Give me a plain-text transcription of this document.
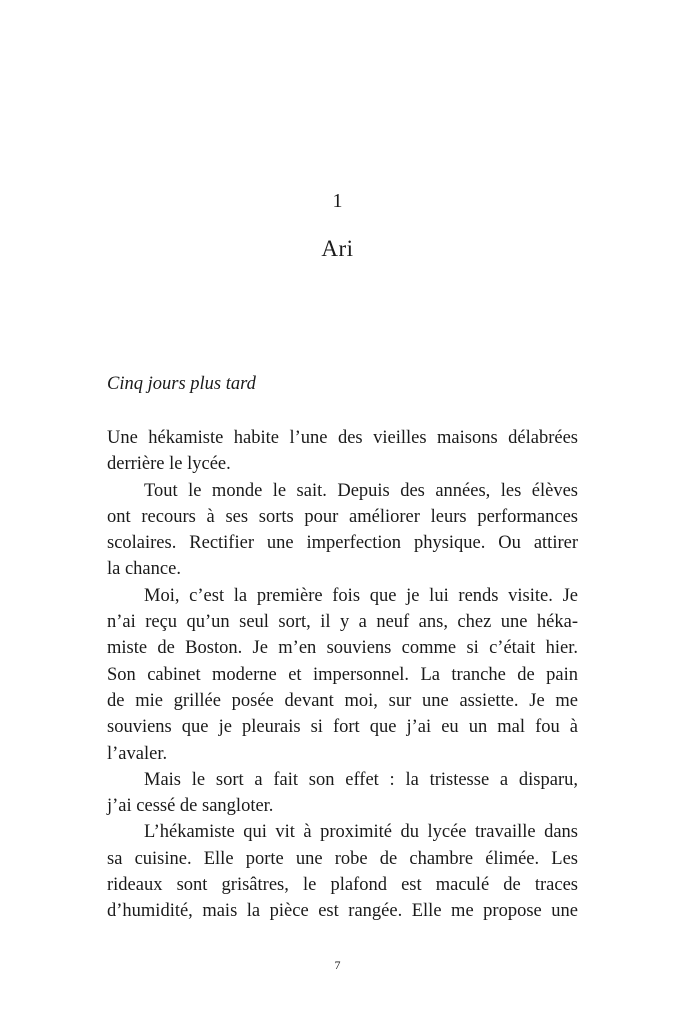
1
Ari
Cinq jours plus tard
Une hékamiste habite l’une des vieilles maisons délabrées
derrière le lycée.
Tout le monde le sait. Depuis des années, les élèves
ont recours à ses sorts pour améliorer leurs performances
scolaires. Rectifier une imperfection physique. Ou attirer
la chance.
Moi, c’est la première fois que je lui rends visite. Je
n’ai reçu qu’un seul sort, il y a neuf ans, chez une héka-
miste de Boston. Je m’en souviens comme si c’était hier.
Son cabinet moderne et impersonnel. La tranche de pain
de mie grillée posée devant moi, sur une assiette. Je me
souviens que je pleurais si fort que j’ai eu un mal fou à
l’avaler.
Mais le sort a fait son effet : la tristesse a disparu,
j’ai cessé de sangloter.
L’hékamiste qui vit à proximité du lycée travaille dans
sa cuisine. Elle porte une robe de chambre élimée. Les
rideaux sont grisâtres, le plafond est maculé de traces
d’humidité, mais la pièce est rangée. Elle me propose une
7
